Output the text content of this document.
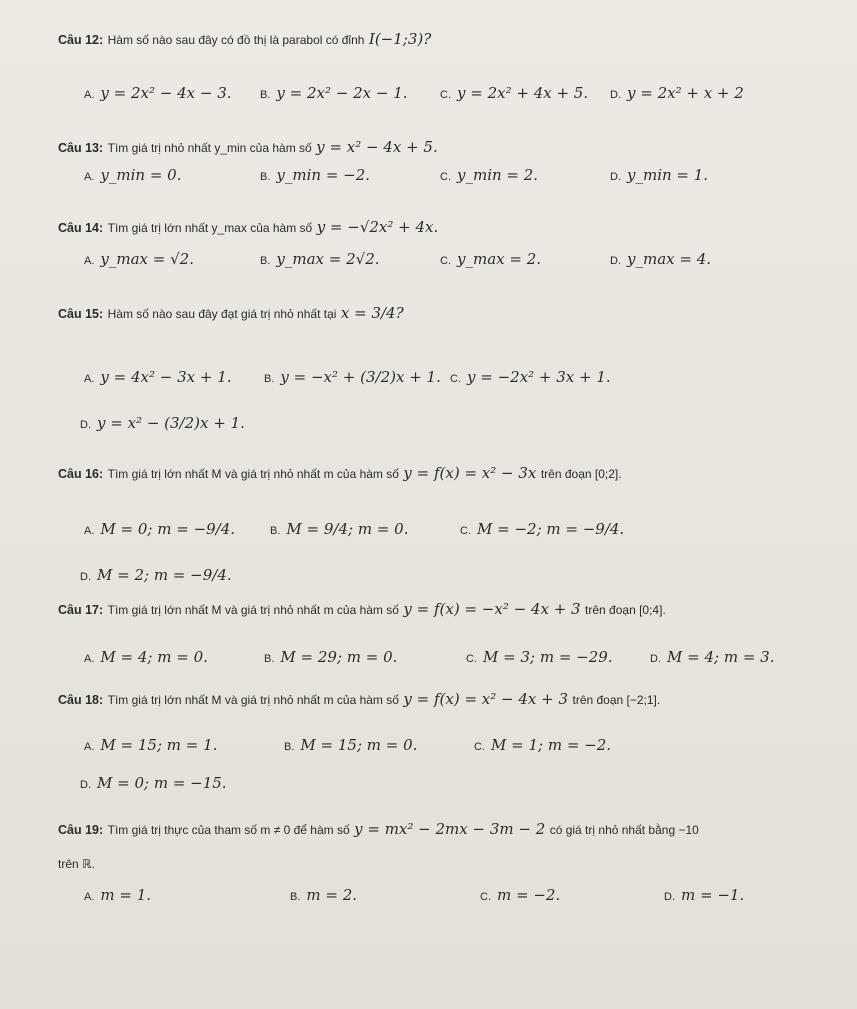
Câu 12: Hàm số nào sau đây có đồ thị là parabol có đỉnh I(−1;3)?
A. y = 2x² − 4x − 3.	B. y = 2x² − 2x − 1.	C. y = 2x² + 4x + 5. D. y = 2x² + x + 2
Câu 13: Tìm giá trị nhỏ nhất y_min của hàm số y = x² − 4x + 5.
A. y_min = 0.	B. y_min = −2.	C. y_min = 2.	D. y_min = 1.
Câu 14: Tìm giá trị lớn nhất y_max của hàm số y = −√2x² + 4x.
A. y_max = √2.	B. y_max = 2√2.	C. y_max = 2.	D. y_max = 4.
Câu 15: Hàm số nào sau đây đạt giá trị nhỏ nhất tại x = 3/4?
A. y = 4x² − 3x + 1.	B. y = −x² + (3/2)x + 1. C. y = −2x² + 3x + 1.
D. y = x² − (3/2)x + 1.
Câu 16: Tìm giá trị lớn nhất M và giá trị nhỏ nhất m của hàm số y = f(x) = x² − 3x trên đoạn [0;2].
A. M = 0; m = −9/4.	B. M = 9/4; m = 0.	C. M = −2; m = −9/4.
D. M = 2; m = −9/4.
Câu 17: Tìm giá trị lớn nhất M và giá trị nhỏ nhất m của hàm số y = f(x) = −x² − 4x + 3 trên đoạn [0;4].
A. M = 4; m = 0.	B. M = 29; m = 0.	C. M = 3; m = −29.	D. M = 4; m = 3.
Câu 18: Tìm giá trị lớn nhất M và giá trị nhỏ nhất m của hàm số y = f(x) = x² − 4x + 3 trên đoạn [−2;1].
A. M = 15; m = 1.	B. M = 15; m = 0.	C. M = 1; m = −2.
D. M = 0; m = −15.
Câu 19: Tìm giá trị thực của tham số m ≠ 0 để hàm số y = mx² − 2mx − 3m − 2 có giá trị nhỏ nhất bằng −10
trên ℝ.
A. m = 1.	B. m = 2.	C. m = −2.	D. m = −1.
